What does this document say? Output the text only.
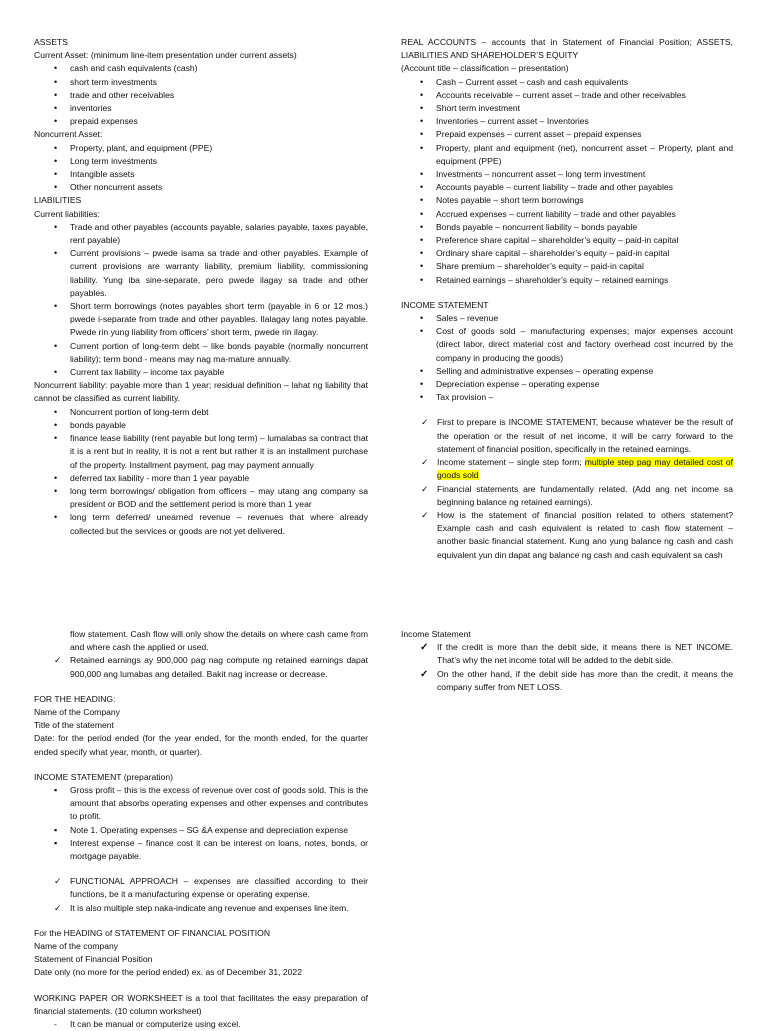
ASSETS

Current Asset: (minimum line-item presentation under current assets)

• cash and cash equivalents (cash)
• short term investments
• trade and other receivables
• inventories
• prepaid expenses

Noncurrent Asset:

• Property, plant, and equipment (PPE)
• Long term investments
• Intangible assets
• Other noncurrent assets

LIABILITIES

Current liabilities:

• Trade and other payables (accounts payable, salaries payable, taxes payable, rent payable)
• Current provisions – pwede isama sa trade and other payables. Example of current provisions are warranty liability, premium liability, commissioning liability. Yung iba sine-separate, pero pwede ilagay sa trade and other payables.
• Short term borrowings (notes payables short term (payable in 6 or 12 mos.) pwede i-separate from trade and other payables. Ilalagay lang notes payable. Pwede rin yung liability from officers’ short term, pwede rin ilagay.
• Current portion of long-term debt – like bonds payable (normally noncurrent liability); term bond - means may nag ma-mature annually.
• Current tax liability – income tax payable

Noncurrent liability: payable more than 1 year; residual definition – lahat ng liability that cannot be classified as current liability.

• Noncurrent portion of long-term debt
• bonds payable
• finance lease liability (rent payable but long term) – lumalabas sa contract that it is a rent but in reality, it is not a rent but rather it is an installment purchase of the property. Installment payment, pag may payment annually
• deferred tax liability - more than 1 year payable
• long term borrowings/ obligation from officers – may utang ang company sa president or BOD and the settlement period is more than 1 year
• long term deferred/ unearned revenue – revenues that where already collected but the services or goods are not yet delivered.

REAL ACCOUNTS – accounts that in Statement of Financial Position; ASSETS, LIABILITIES AND SHAREHOLDER’S EQUITY

(Account title – classification – presentation)

• Cash – Current asset – cash and cash equivalents
• Accounts receivable – current asset – trade and other receivables
• Short term investment
• Inventories – current asset – Inventories
• Prepaid expenses – current asset – prepaid expenses
• Property, plant and equipment (net), noncurrent asset – Property, plant and equipment (PPE)
• Investments – noncurrent asset – long term investment
• Accounts payable – current liability – trade and other payables
• Notes payable – short term borrowings
• Accrued expenses – current liability – trade and other payables
• Bonds payable – noncurrent liability – bonds payable
• Preference share capital – shareholder’s equity – paid-in capital
• Ordinary share capital – shareholder’s equity – paid-in capital
• Share premium – shareholder’s equity – paid-in capital
• Retained earnings – shareholder’s equity – retained earnings

INCOME STATEMENT

• Sales – revenue
• Cost of goods sold – manufacturing expenses; major expenses account (direct labor, direct material cost and factory overhead cost incurred by the company in producing the goods)
• Selling and administrative expenses – operating expense
• Depreciation expense – operating expense
• Tax provision –
✓ First to prepare is INCOME STATEMENT, because whatever be the result of the operation or the result of net income, it will be carry forward to the statement of financial position, specifically in the retained earnings.
✓ Income statement – single step form; multiple step pag may detailed cost of goods sold
✓ Financial statements are fundamentally related. (Add ang net income sa beginning balance ng retained earnings).
✓ How is the statement of financial position related to others statement? Example cash and cash equivalent is related to cash flow statement – another basic financial statement. Kung ano yung balance ng cash and cash equivalent yun din dapat ang balance ng cash and cash equivalent sa cash

flow statement. Cash flow will only show the details on where cash came from and where cash the applied or used.

✓ Retained earnings ay 900,000 pag nag compute ng retained earnings dapat 900,000 ang lumabas ang detailed. Bakit nag increase or decrease.

FOR THE HEADING:

Name of the Company

Title of the statement

Date: for the period ended (for the year ended, for the month ended, for the quarter ended specify what year, month, or quarter).

INCOME STATEMENT (preparation)

▪ Gross profit – this is the excess of revenue over cost of goods sold. This is the amount that absorbs operating expenses and other expenses and contributes to profit.
▪ Note 1. Operating expenses – SG &A expense and depreciation expense
▪ Interest expense – finance cost it can be interest on loans, notes, bonds, or mortgage payable.
✓ FUNCTIONAL APPROACH – expenses are classified according to their functions, be it a manufacturing expense or operating expense.
✓ It is also multiple step naka-indicate ang revenue and expenses line item.

For the HEADING of STATEMENT OF FINANCIAL POSITION

Name of the company

Statement of Financial Position

Date only (no more for the period ended) ex. as of December 31, 2022

WORKING PAPER OR WORKSHEET is a tool that facilitates the easy preparation of financial statements. (10 column worksheet)

- It can be manual or computerize using excel.

Income Statement

✓ If the credit is more than the debit side, it means there is NET INCOME. That’s why the net income total will be added to the debit side.
✓ On the other hand, if the debit side has more than the credit, it means the company suffer from NET LOSS.
